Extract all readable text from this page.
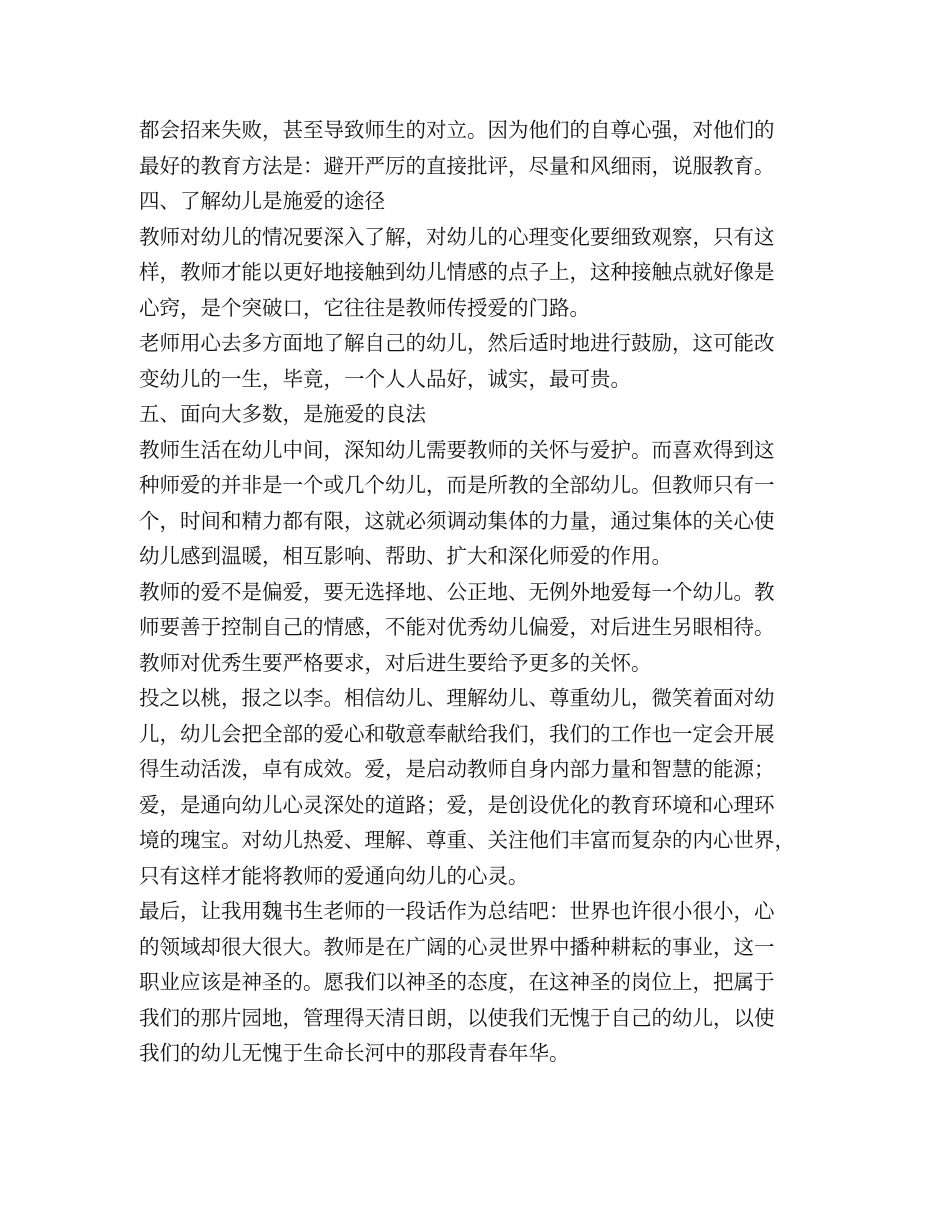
都会招来失败，甚至导致师生的对立。因为他们的自尊心强，对他们的
最好的教育方法是：避开严厉的直接批评，尽量和风细雨，说服教育。
四、了解幼儿是施爱的途径
教师对幼儿的情况要深入了解，对幼儿的心理变化要细致观察，只有这
样，教师才能以更好地接触到幼儿情感的点子上，这种接触点就好像是
心窍，是个突破口，它往往是教师传授爱的门路。
老师用心去多方面地了解自己的幼儿，然后适时地进行鼓励，这可能改
变幼儿的一生，毕竟，一个人人品好，诚实，最可贵。
五、面向大多数，是施爱的良法
教师生活在幼儿中间，深知幼儿需要教师的关怀与爱护。而喜欢得到这
种师爱的并非是一个或几个幼儿，而是所教的全部幼儿。但教师只有一
个，时间和精力都有限，这就必须调动集体的力量，通过集体的关心使
幼儿感到温暖，相互影响、帮助、扩大和深化师爱的作用。
教师的爱不是偏爱，要无选择地、公正地、无例外地爱每一个幼儿。教
师要善于控制自己的情感，不能对优秀幼儿偏爱，对后进生另眼相待。
教师对优秀生要严格要求，对后进生要给予更多的关怀。
投之以桃，报之以李。相信幼儿、理解幼儿、尊重幼儿，微笑着面对幼
儿，幼儿会把全部的爱心和敬意奉献给我们，我们的工作也一定会开展
得生动活泼，卓有成效。爱，是启动教师自身内部力量和智慧的能源；
爱，是通向幼儿心灵深处的道路；爱，是创设优化的教育环境和心理环
境的瑰宝。对幼儿热爱、理解、尊重、关注他们丰富而复杂的内心世界，
只有这样才能将教师的爱通向幼儿的心灵。
最后，让我用魏书生老师的一段话作为总结吧：世界也许很小很小，心
的领域却很大很大。教师是在广阔的心灵世界中播种耕耘的事业，这一
职业应该是神圣的。愿我们以神圣的态度，在这神圣的岗位上，把属于
我们的那片园地，管理得天清日朗，以使我们无愧于自己的幼儿，以使
我们的幼儿无愧于生命长河中的那段青春年华。
